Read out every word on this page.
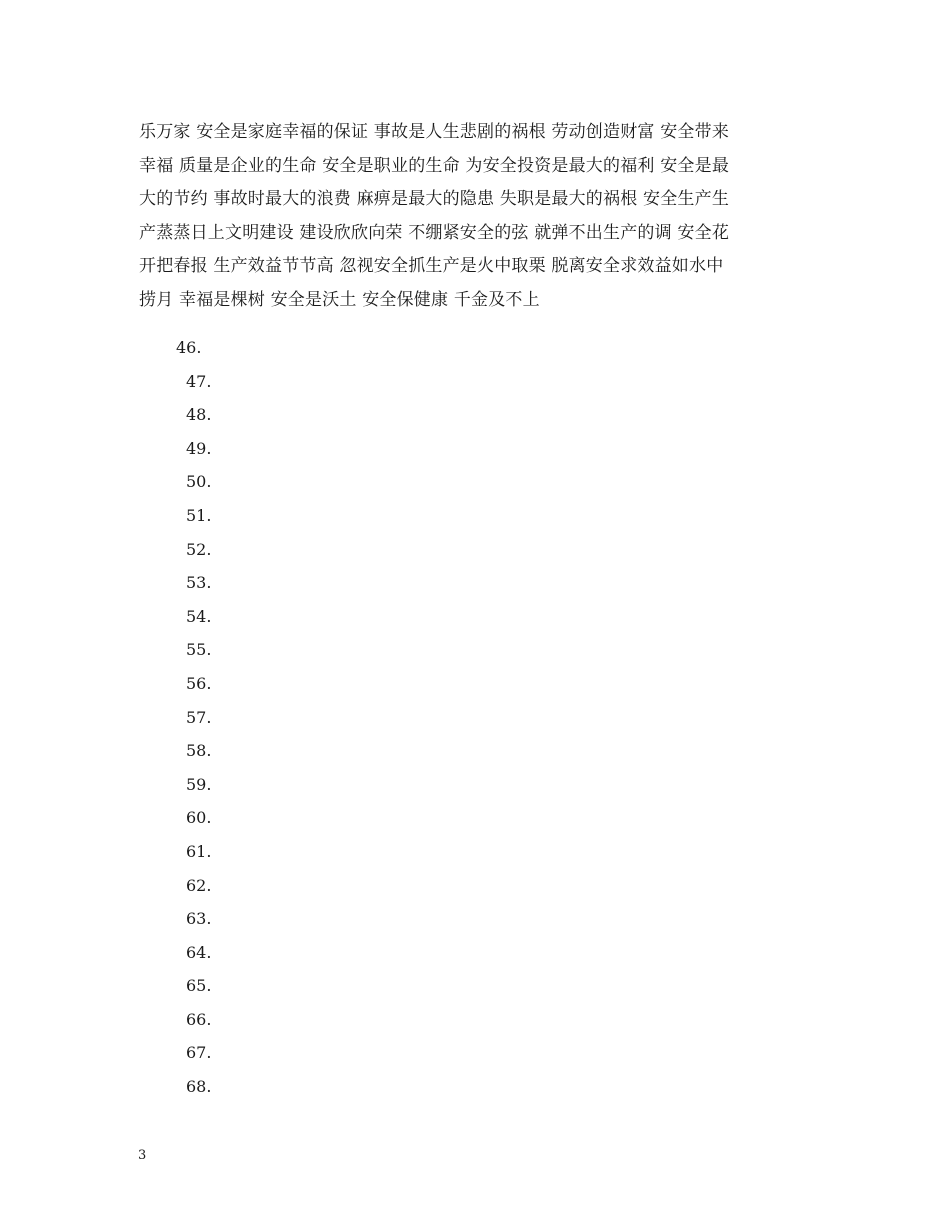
乐万家 安全是家庭幸福的保证 事故是人生悲剧的祸根 劳动创造财富 安全带来
幸福 质量是企业的生命 安全是职业的生命 为安全投资是最大的福利 安全是最
大的节约 事故时最大的浪费 麻痹是最大的隐患 失职是最大的祸根 安全生产生
产蒸蒸日上文明建设 建设欣欣向荣 不绷紧安全的弦 就弹不出生产的调 安全花
开把春报 生产效益节节高 忽视安全抓生产是火中取栗 脱离安全求效益如水中
捞月 幸福是棵树 安全是沃土 安全保健康 千金及不上
46.
47.
48.
49.
50.
51.
52.
53.
54.
55.
56.
57.
58.
59.
60.
61.
62.
63.
64.
65.
66.
67.
68.
3
